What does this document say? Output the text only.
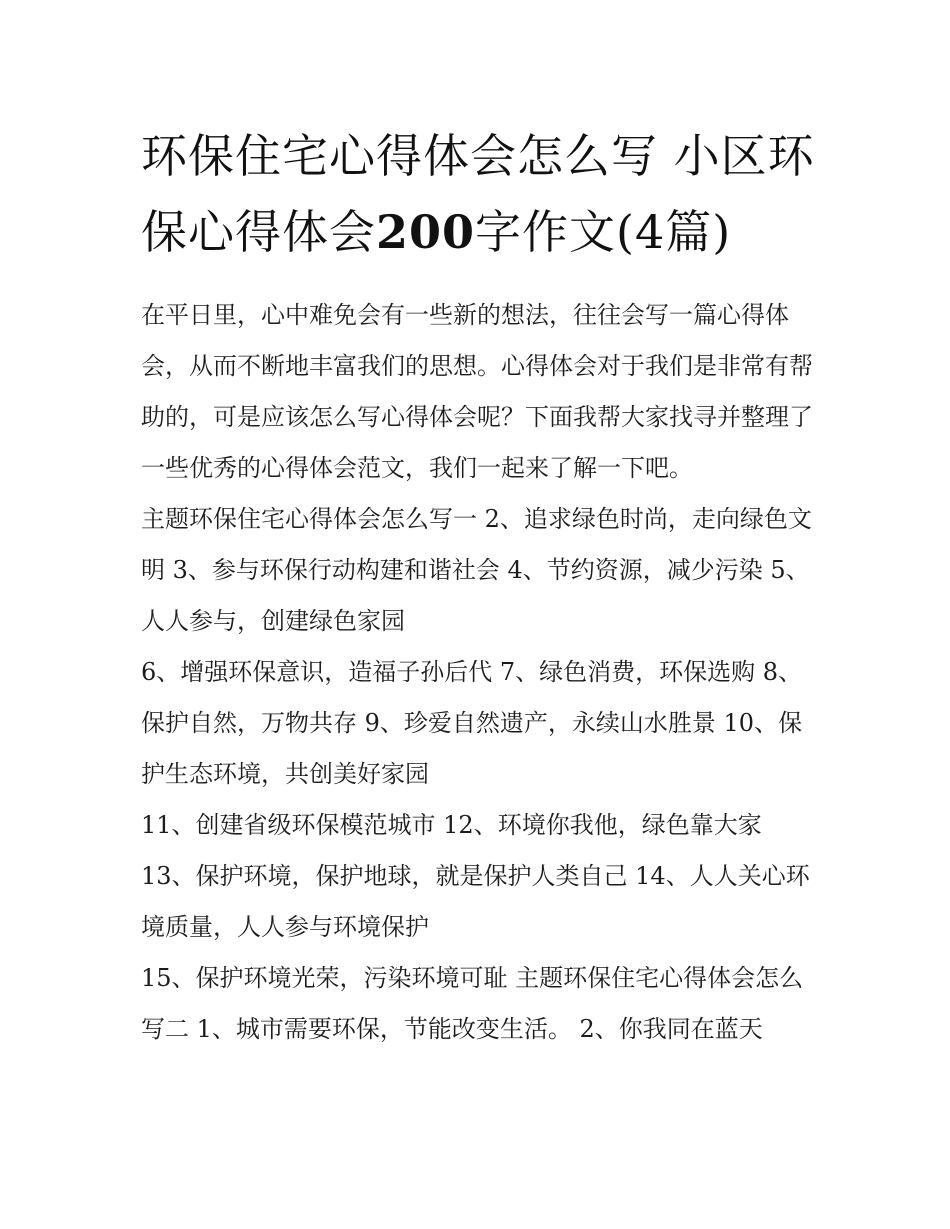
环保住宅心得体会怎么写 小区环保心得体会200字作文(4篇)

在平日里，心中难免会有一些新的想法，往往会写一篇心得体会，从而不断地丰富我们的思想。心得体会对于我们是非常有帮助的，可是应该怎么写心得体会呢？下面我帮大家找寻并整理了一些优秀的心得体会范文，我们一起来了解一下吧。

主题环保住宅心得体会怎么写一 2、追求绿色时尚，走向绿色文明 3、参与环保行动构建和谐社会 4、节约资源，减少污染 5、人人参与，创建绿色家园

6、增强环保意识，造福子孙后代 7、绿色消费，环保选购 8、保护自然，万物共存 9、珍爱自然遗产，永续山水胜景 10、保护生态环境，共创美好家园

11、创建省级环保模范城市 12、环境你我他，绿色靠大家 13、保护环境，保护地球，就是保护人类自己 14、人人关心环境质量，人人参与环境保护

15、保护环境光荣，污染环境可耻 主题环保住宅心得体会怎么写二 1、城市需要环保，节能改变生活。 2、你我同在蓝天
